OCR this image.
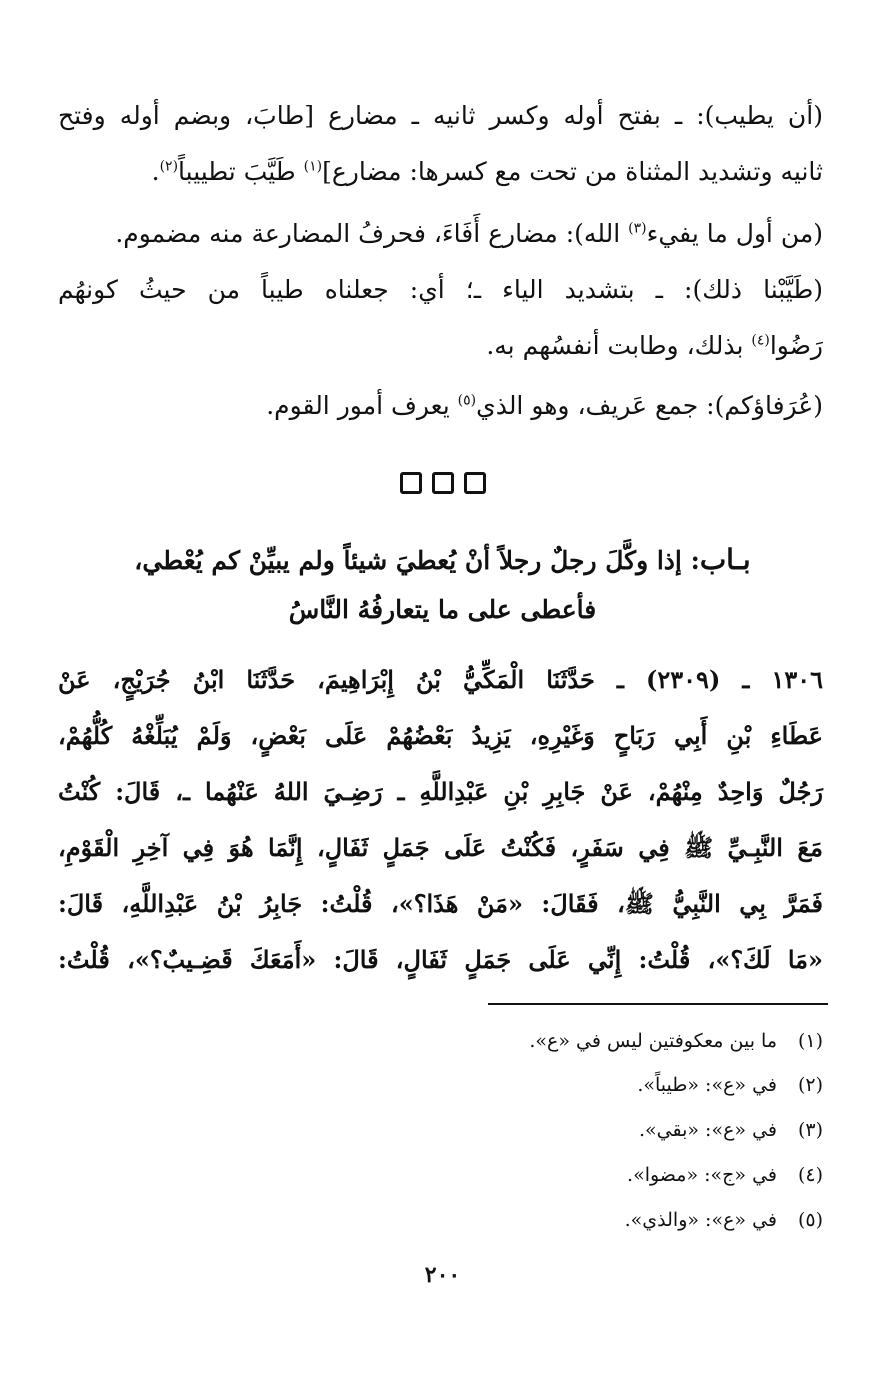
(أن يطيب): ـ بفتح أوله وكسر ثانيه ـ مضارع [طابَ، وبضم أوله وفتح
ثانيه وتشديد المثناة من تحت مع كسرها: مضارع]$^{(١)}$ طَيَّبَ تطييباً$^{(٢)}$.
(من أول ما يفيء$^{(٣)}$ الله): مضارع أَفَاءَ، فحرفُ المضارعة منه مضموم.
(طَيَّبْنا ذلك): ـ بتشديد الياء ـ؛ أي: جعلناه طيباً من حيثُ كونهُم
رَضُوا$^{(٤)}$ بذلك، وطابت أنفسُهم به.
(عُرَفاؤكم): جمع عَريف، وهو الذي$^{(٥)}$ يعرف أمور القوم.
بـاب: إذا وكَّلَ رجلٌ رجلاً أنْ يُعطيَ شيئاً ولم يبيِّنْ كم يُعْطي،
فأعطى على ما يتعارفُهُ النَّاسُ
١٣٠٦ ـ (٢٣٠٩) ـ حَدَّثَنَا الْمَكِّيُّ بْنُ إِبْرَاهِيمَ، حَدَّثَنَا ابْنُ جُرَيْجٍ، عَنْ
عَطَاءِ بْنِ أَبِي رَبَاحٍ وَغَيْرِهِ، يَزِيدُ بَعْضُهُمْ عَلَى بَعْضٍ، وَلَمْ يُبَلِّغْهُ كُلُّهُمْ،
رَجُلٌ وَاحِدٌ مِنْهُمْ، عَنْ جَابِرِ بْنِ عَبْدِاللَّهِ ـ رَضِـيَ اللهُ عَنْهُما ـ، قَالَ: كُنْتُ
مَعَ النَّبِـيِّ ﷺ فِي سَفَرٍ، فَكُنْتُ عَلَى جَمَلٍ ثَفَالٍ، إِنَّمَا هُوَ فِي آخِرِ الْقَوْمِ،
فَمَرَّ بِي النَّبِيُّ ﷺ، فَقَالَ: «مَنْ هَذَا؟»، قُلْتُ: جَابِرُ بْنُ عَبْدِاللَّهِ، قَالَ:
«مَا لَكَ؟»، قُلْتُ: إِنِّي عَلَى جَمَلٍ ثَفَالٍ، قَالَ: «أَمَعَكَ قَضِـيبٌ؟»، قُلْتُ:
(١)ما بين معكوفتين ليس في «ع».
(٢)في «ع»: «طيباً».
(٣)في «ع»: «بقي».
(٤)في «ج»: «مضوا».
(٥)في «ع»: «والذي».
٢٠٠
